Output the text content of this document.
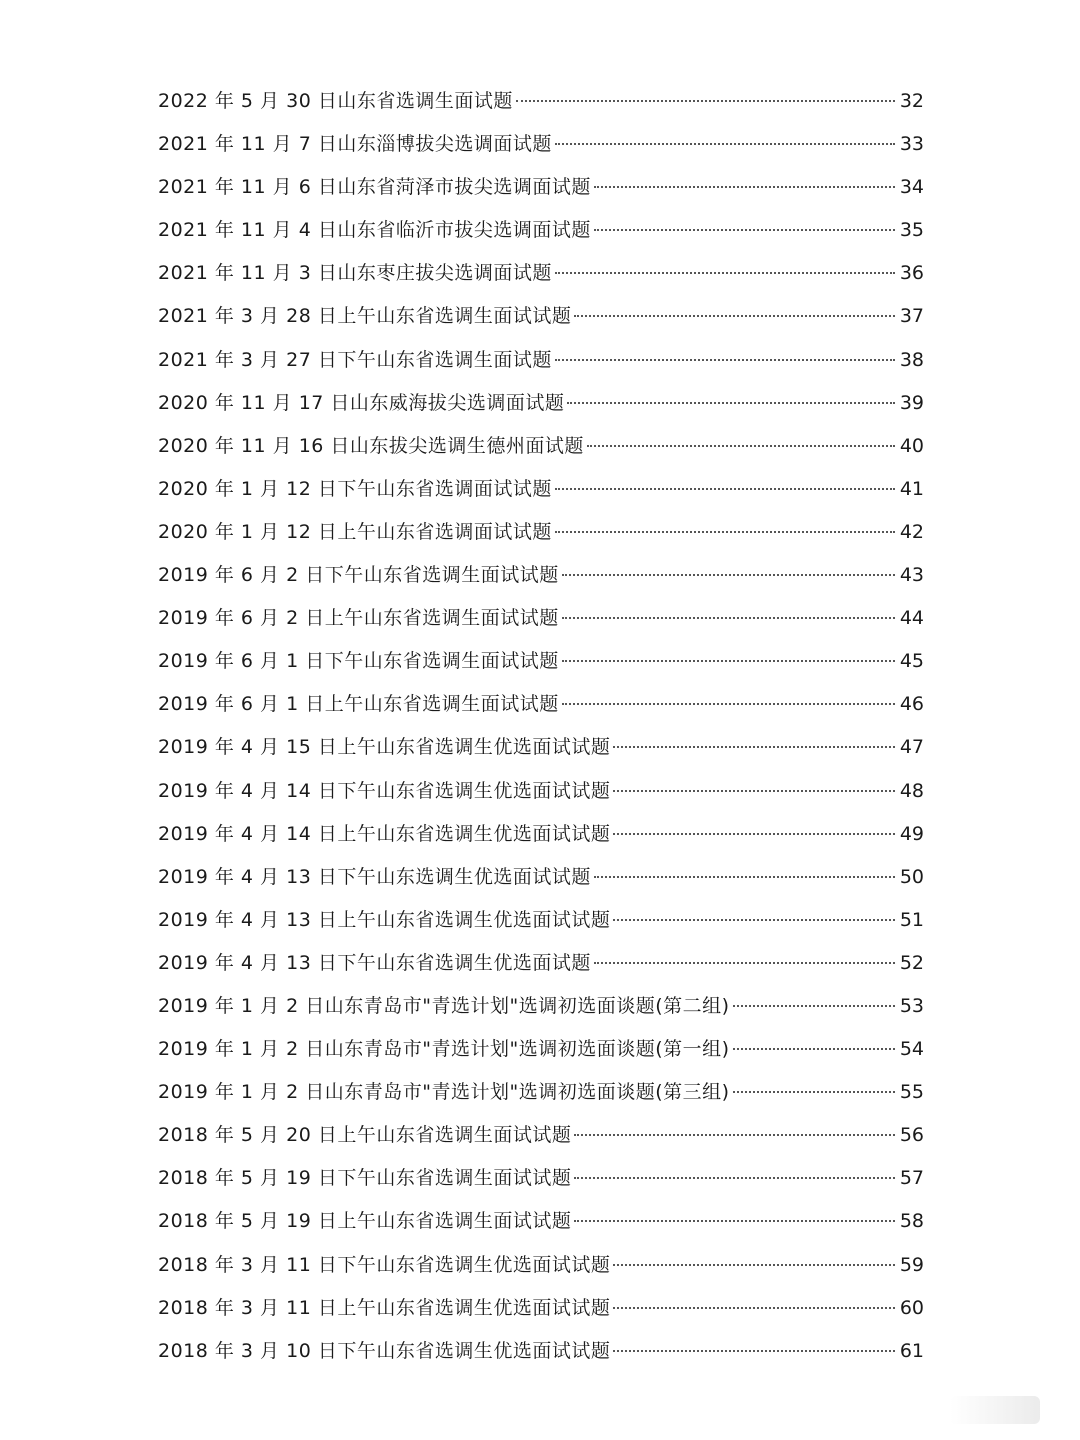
2022 年 5 月 30 日山东省选调生面试题	32
2021 年 11 月 7 日山东淄博拔尖选调面试题	33
2021 年 11 月 6 日山东省菏泽市拔尖选调面试题	34
2021 年 11 月 4 日山东省临沂市拔尖选调面试题	35
2021 年 11 月 3 日山东枣庄拔尖选调面试题	36
2021 年 3 月 28 日上午山东省选调生面试试题	37
2021 年 3 月 27 日下午山东省选调生面试题	38
2020 年 11 月 17 日山东威海拔尖选调面试题	39
2020 年 11 月 16 日山东拔尖选调生德州面试题	40
2020 年 1 月 12 日下午山东省选调面试试题	41
2020 年 1 月 12 日上午山东省选调面试试题	42
2019 年 6 月 2 日下午山东省选调生面试试题	43
2019 年 6 月 2 日上午山东省选调生面试试题	44
2019 年 6 月 1 日下午山东省选调生面试试题	45
2019 年 6 月 1 日上午山东省选调生面试试题	46
2019 年 4 月 15 日上午山东省选调生优选面试试题	47
2019 年 4 月 14 日下午山东省选调生优选面试试题	48
2019 年 4 月 14 日上午山东省选调生优选面试试题	49
2019 年 4 月 13 日下午山东选调生优选面试试题	50
2019 年 4 月 13 日上午山东省选调生优选面试试题	51
2019 年 4 月 13 日下午山东省选调生优选面试题	52
2019 年 1 月 2 日山东青岛市"青选计划"选调初选面谈题(第二组)	53
2019 年 1 月 2 日山东青岛市"青选计划"选调初选面谈题(第一组)	54
2019 年 1 月 2 日山东青岛市"青选计划"选调初选面谈题(第三组)	55
2018 年 5 月 20 日上午山东省选调生面试试题	56
2018 年 5 月 19 日下午山东省选调生面试试题	57
2018 年 5 月 19 日上午山东省选调生面试试题	58
2018 年 3 月 11 日下午山东省选调生优选面试试题	59
2018 年 3 月 11 日上午山东省选调生优选面试试题	60
2018 年 3 月 10 日下午山东省选调生优选面试试题	61
